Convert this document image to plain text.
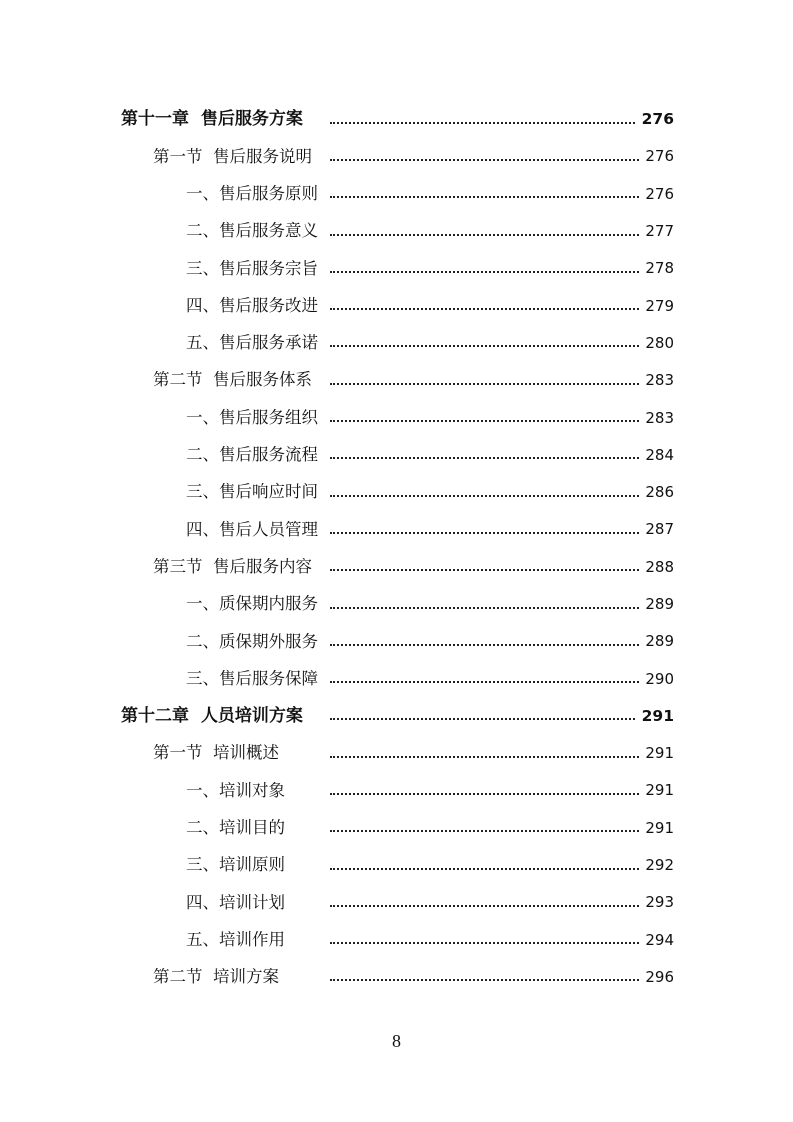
第十一章  售后服务方案	276
第一节  售后服务说明	276
一、售后服务原则	276
二、售后服务意义	277
三、售后服务宗旨	278
四、售后服务改进	279
五、售后服务承诺	280
第二节  售后服务体系	283
一、售后服务组织	283
二、售后服务流程	284
三、售后响应时间	286
四、售后人员管理	287
第三节  售后服务内容	288
一、质保期内服务	289
二、质保期外服务	289
三、售后服务保障	290
第十二章  人员培训方案	291
第一节  培训概述	291
一、培训对象	291
二、培训目的	291
三、培训原则	292
四、培训计划	293
五、培训作用	294
第二节  培训方案	296
8
